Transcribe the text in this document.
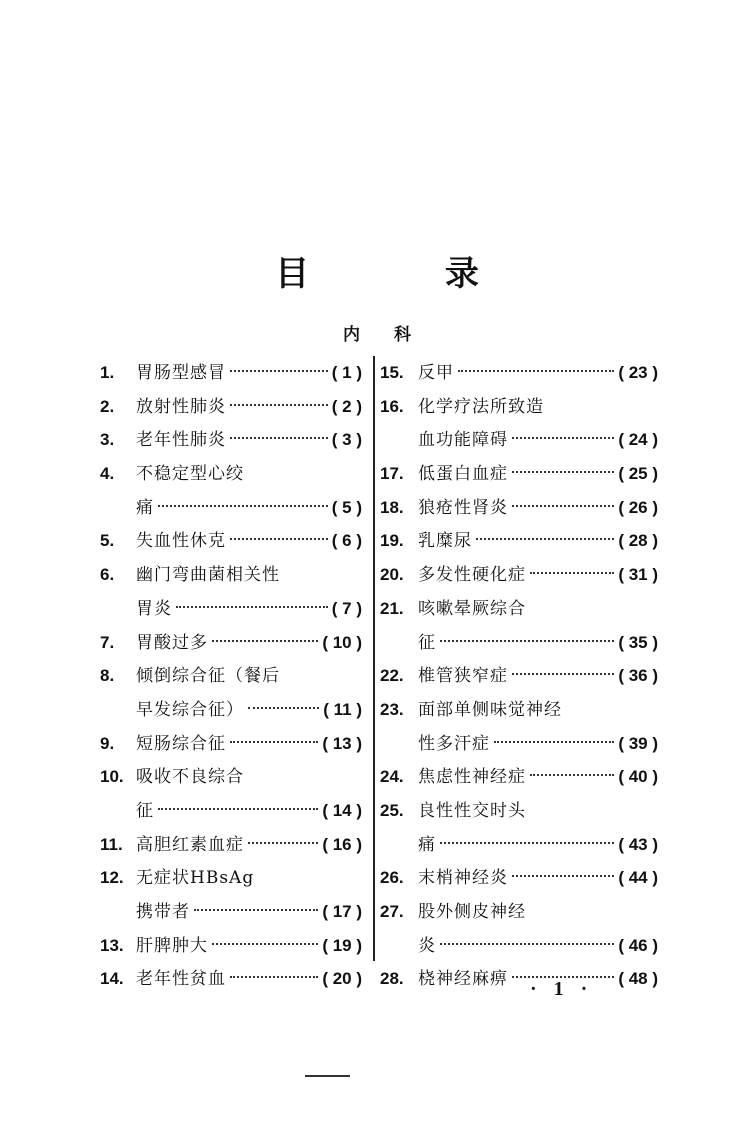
目 录
内 科
1.	胃肠型感冒	( 1 )
2.	放射性肺炎	( 2 )
3.	老年性肺炎	( 3 )
4.	不稳定型心绞
痛	( 5 )
5.	失血性休克	( 6 )
6.	幽门弯曲菌相关性
胃炎	( 7 )
7.	胃酸过多	( 10 )
8.	倾倒综合征（餐后
早发综合征）	( 11 )
9.	短肠综合征	( 13 )
10. 吸收不良综合
征	( 14 )
11. 高胆红素血症	( 16 )
12. 无症状HBsAg
携带者	( 17 )
13. 肝脾肿大	( 19 )
14. 老年性贫血	( 20 )
15. 反甲	( 23 )
16. 化学疗法所致造
血功能障碍	( 24 )
17. 低蛋白血症	( 25 )
18. 狼疮性肾炎	( 26 )
19. 乳糜尿	( 28 )
20. 多发性硬化症	( 31 )
21. 咳嗽晕厥综合
征	( 35 )
22. 椎管狭窄症	( 36 )
23. 面部单侧味觉神经
性多汗症	( 39 )
24. 焦虑性神经症	( 40 )
25. 良性性交时头
痛	( 43 )
26. 末梢神经炎	( 44 )
27. 股外侧皮神经
炎	( 46 )
28. 桡神经麻痹	( 48 )
· 1 ·
